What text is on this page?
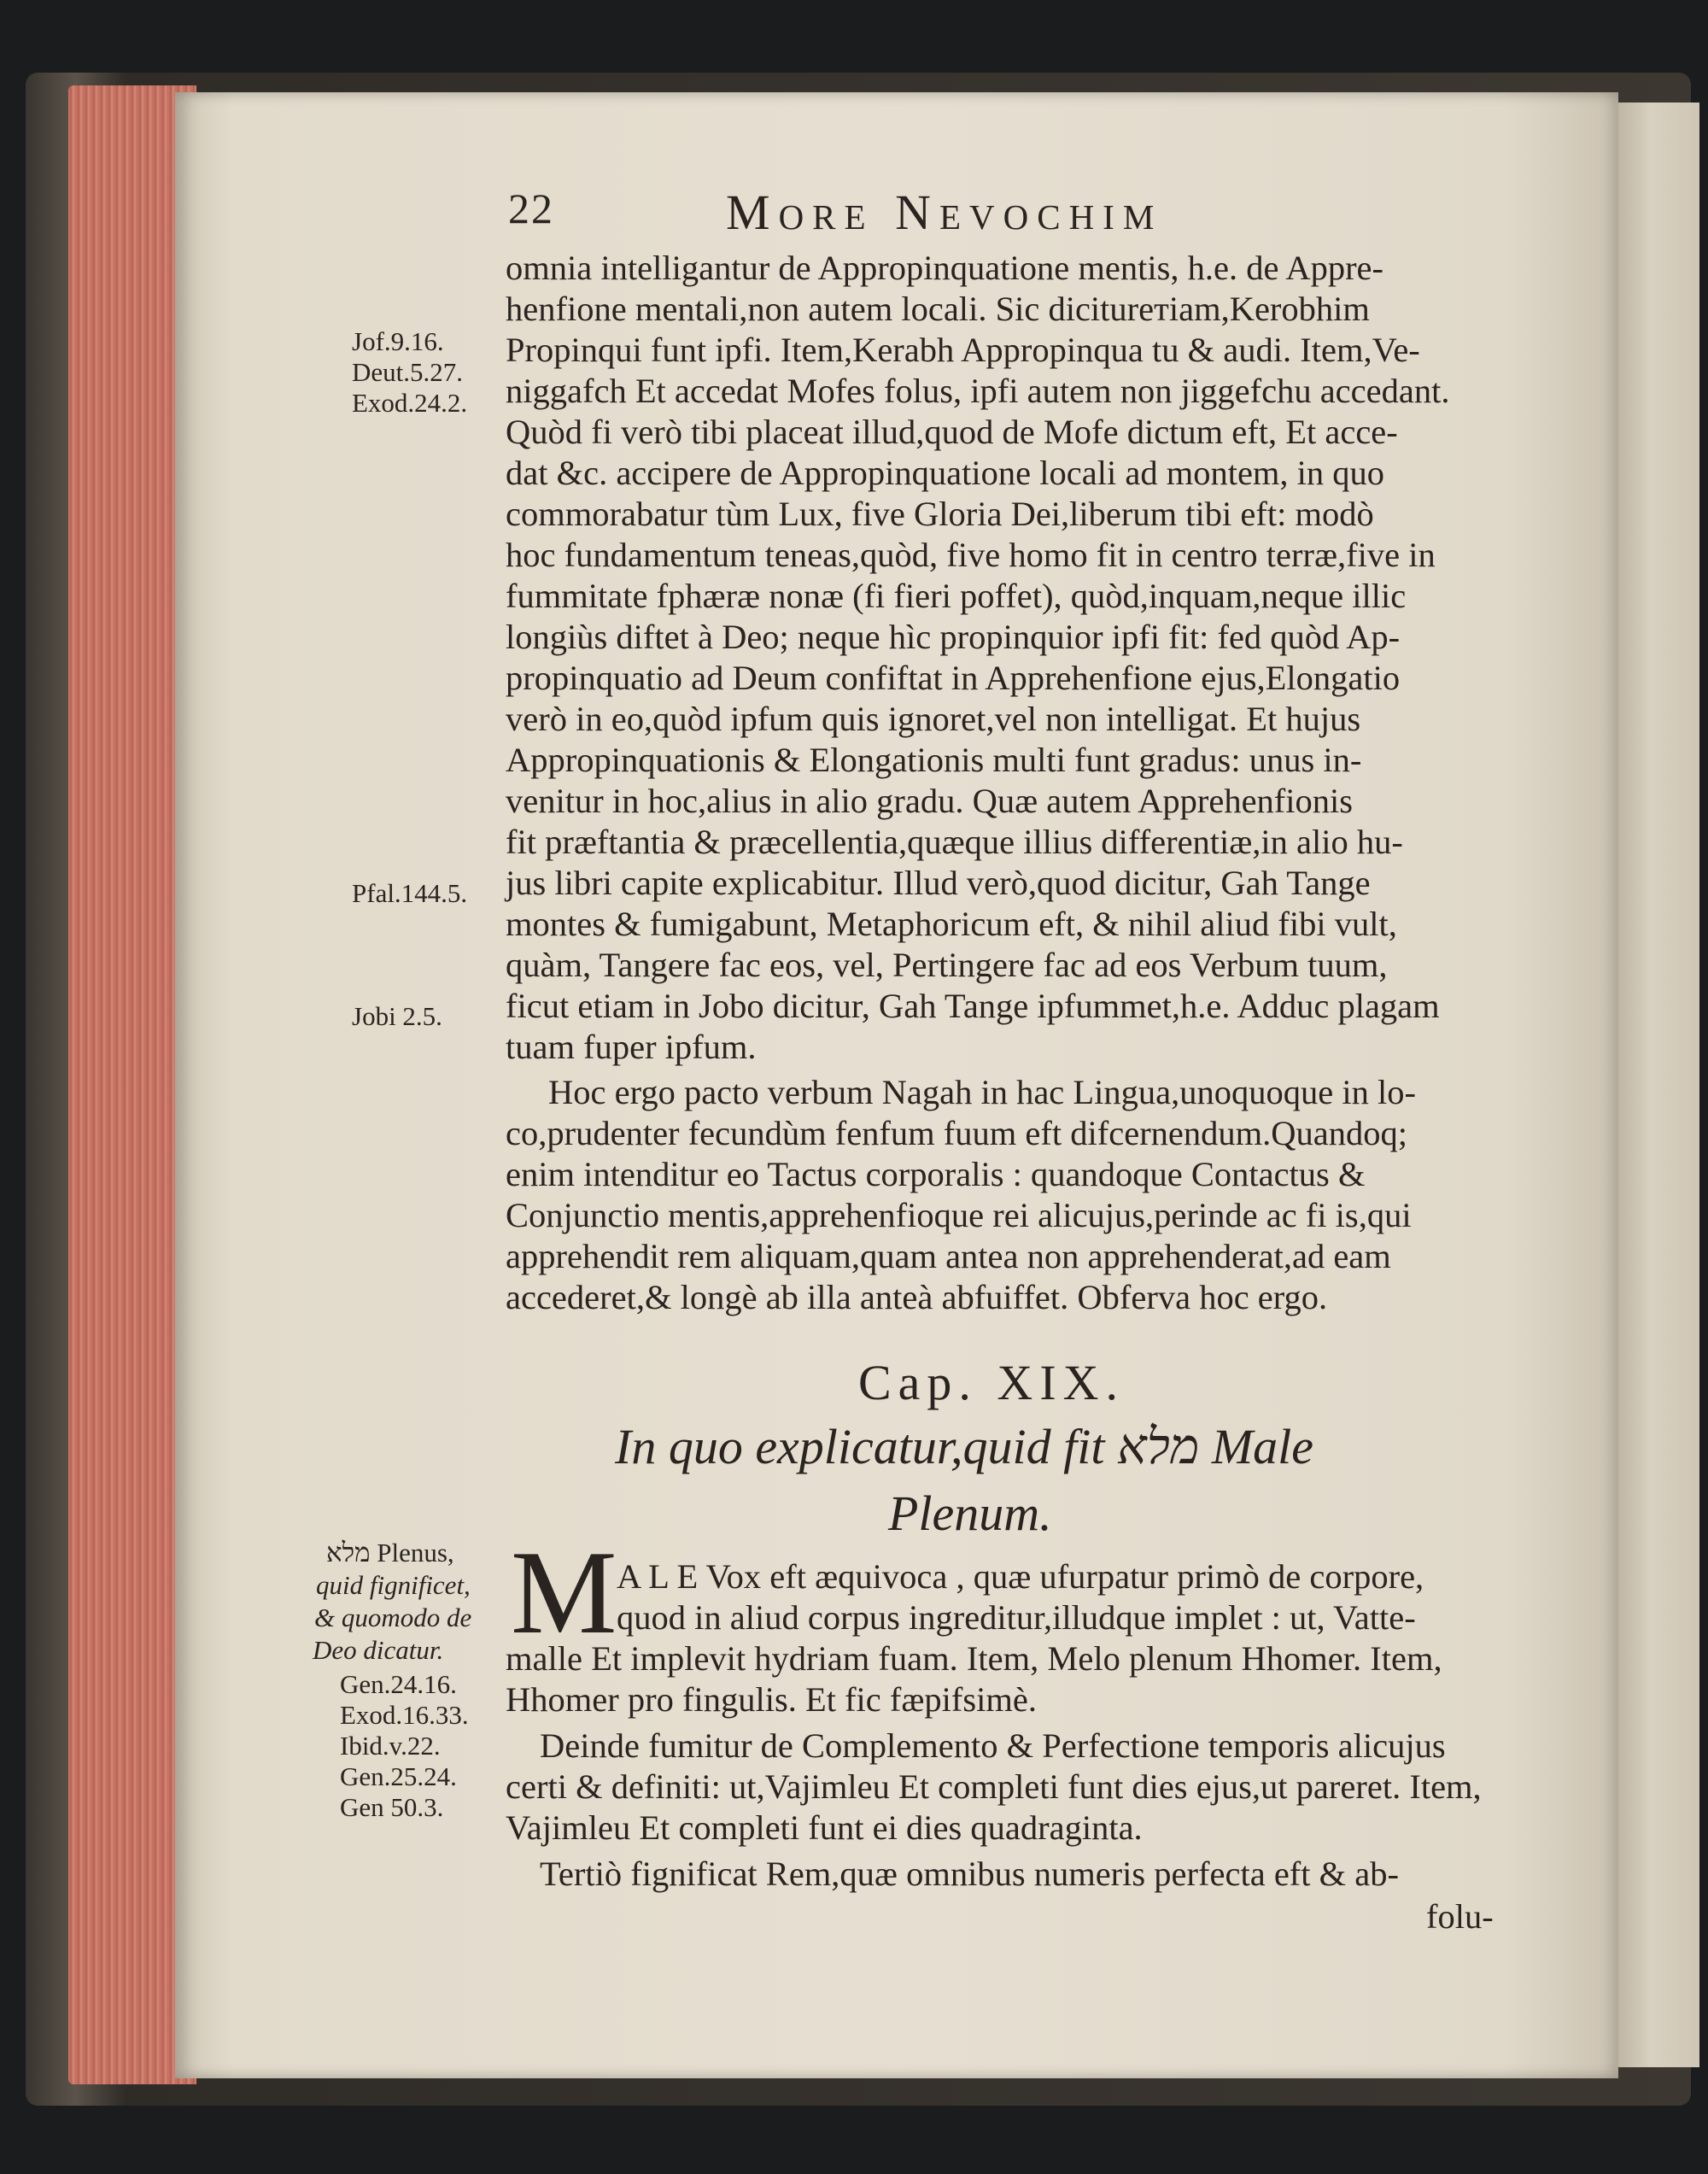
22	More Nevochim
Jof.9.16.
Deut.5.27.
Exod.24.2.
Pfal.144.5.
Jobi 2.5.
omnia intelligantur de Appropinquatione mentis, h.e. de Appre-
henfione mentali,non autem locali. Sic diciturетiam,Kerobhim
Propinqui funt ipfi. Item,Kerabh Appropinqua tu & audi. Item,Ve-
niggafch Et accedat Mofes folus, ipfi autem non jiggefchu accedant.
Quòd fi verò tibi placeat illud,quod de Mofe dictum eft, Et acce-
dat &c. accipere de Appropinquatione locali ad montem, in quo
commorabatur tùm Lux, five Gloria Dei,liberum tibi eft: modò
hoc fundamentum teneas,quòd, five homo fit in centro terræ,five in
fummitate fphæræ nonæ (fi fieri poffet), quòd,inquam,neque illic
longiùs diftet à Deo; neque hìc propinquior ipfi fit: fed quòd Ap-
propinquatio ad Deum confiftat in Apprehenfione ejus,Elongatio
verò in eo,quòd ipfum quis ignoret,vel non intelligat. Et hujus
Appropinquationis & Elongationis multi funt gradus: unus in-
venitur in hoc,alius in alio gradu. Quæ autem Apprehenfionis
fit præftantia & præcellentia,quæque illius differentiæ,in alio hu-
jus libri capite explicabitur. Illud verò,quod dicitur, Gah Tange
montes & fumigabunt, Metaphoricum eft, & nihil aliud fibi vult,
quàm, Tangere fac eos, vel, Pertingere fac ad eos Verbum tuum,
ficut etiam in Jobo dicitur, Gah Tange ipfummet,h.e. Adduc plagam
tuam fuper ipfum.
Hoc ergo pacto verbum Nagah in hac Lingua,unoquoque in lo-
co,prudenter fecundùm fenfum fuum eft difcernendum.Quandoq;
enim intenditur eo Tactus corporalis : quandoque Contactus &
Conjunctio mentis,apprehenfioque rei alicujus,perinde ac fi is,qui
apprehendit rem aliquam,quam antea non apprehenderat,ad eam
accederet,& longè ab illa anteà abfuiffet. Obferva hoc ergo.
Cap. XIX.
In quo explicatur,quid fit מלא Male
Plenum.
מלא Plenus,
quid fignificet,
& quomodo de
Deo dicatur.
Gen.24.16.
Exod.16.33.
Ibid.v.22.
Gen.25.24.
Gen 50.3.
M A L E Vox eft æquivoca , quæ ufurpatur primò de corpore,
quod in aliud corpus ingreditur,illudque implet : ut, Vatte-
malle Et implevit hydriam fuam. Item, Melo plenum Hhomer. Item,
Hhomer pro fingulis. Et fic fæpifsimè.
Deinde fumitur de Complemento & Perfectione temporis alicujus
certi & definiti: ut,Vajimleu Et completi funt dies ejus,ut pareret. Item,
Vajimleu Et completi funt ei dies quadraginta.
Tertiò fignificat Rem,quæ omnibus numeris perfecta eft & ab-
folu-
